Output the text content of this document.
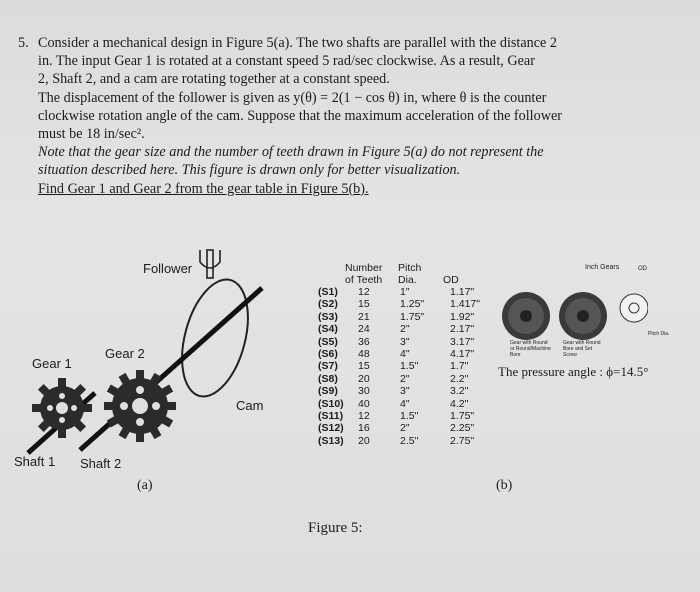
5. Consider a mechanical design in Figure 5(a). The two shafts are parallel with the distance 2

in. The input Gear 1 is rotated at a constant speed 5 rad/sec clockwise. As a result, Gear

2, Shaft 2, and a cam are rotating together at a constant speed.

The displacement of the follower is given as y(θ) = 2(1 − cos θ) in, where θ is the counter

clockwise rotation angle of the cam. Suppose that the maximum acceleration of the follower

must be 18 in/sec².

Note that the gear size and the number of teeth drawn in Figure 5(a) do not represent the

situation described here. This figure is drawn only for better visualization.

Find Gear 1 and Gear 2 from the gear table in Figure 5(b).

Follower
Gear 1
Gear 2
Cam
Shaft 1 Shaft 2
(a)
Number
of Teeth
Pitch
Dia.	OD
(S1) 12	1"	1.17"
(S2) 15	1.25" 1.417"
(S3) 21	1.75" 1.92"
(S4) 24	2"	2.17"
(S5) 36	3"	3.17"
(S6) 48	4"	4.17"
(S7) 15	1.5"	1.7"
(S8) 20	2"	2.2"
(S9) 30	3"	3.2"
(S10) 40	4"	4.2"
(S11) 12	1.5"	1.75"
(S12) 16	2"	2.25"
(S13) 20	2.5"	2.75"
Inch Gears
Gear with Round or Round/Machine Bore
Gear with Round Bore and Set Screw
OD
Pitch Dia.
The pressure angle : ϕ=14.5°
(b)
Figure 5:
